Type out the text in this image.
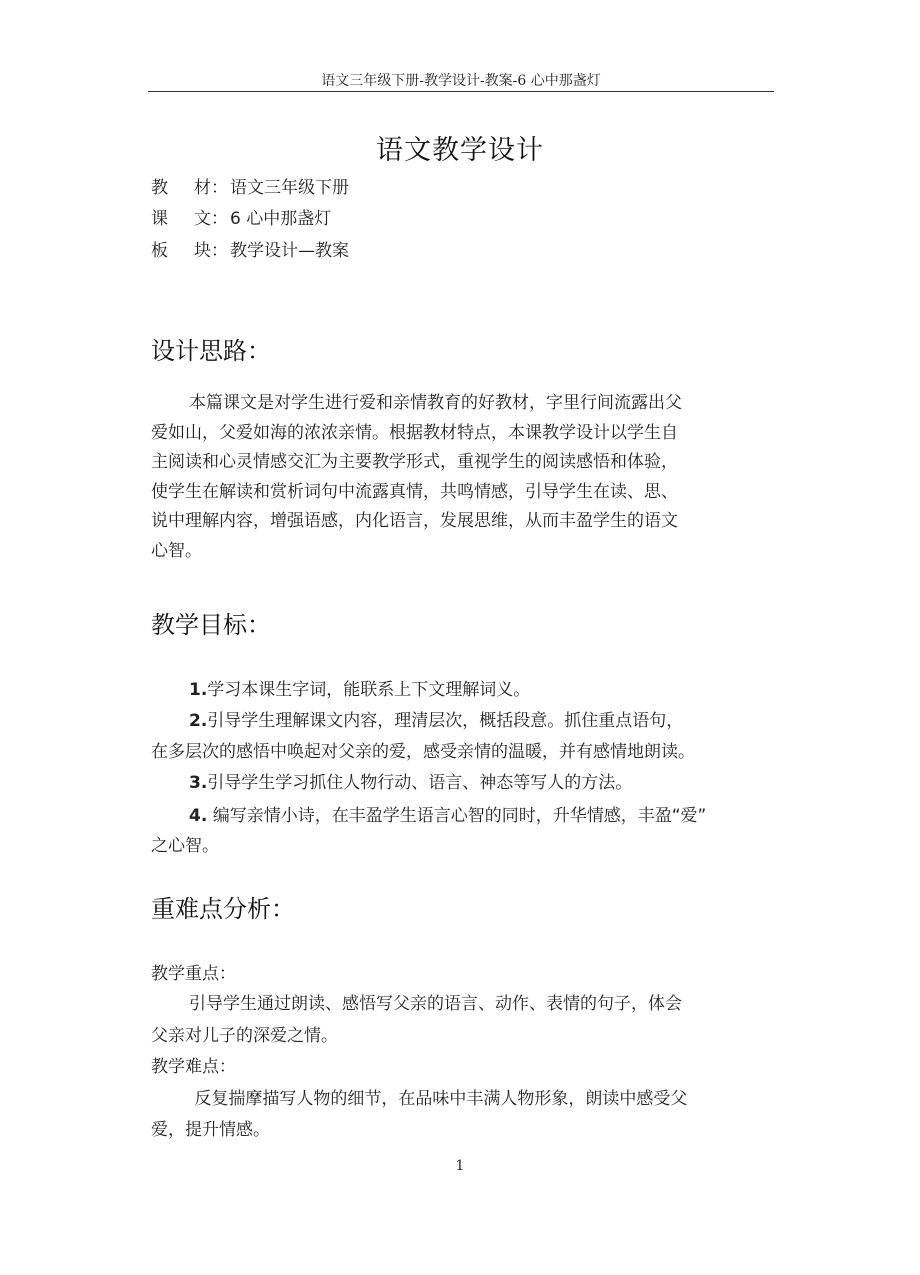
语文三年级下册-教学设计-教案-6 心中那盏灯
语文教学设计
教 材： 语文三年级下册
课 文： 6 心中那盏灯
板 块： 教学设计—教案
设计思路：
本篇课文是对学生进行爱和亲情教育的好教材，字里行间流露出父
爱如山，父爱如海的浓浓亲情。根据教材特点，本课教学设计以学生自
主阅读和心灵情感交汇为主要教学形式，重视学生的阅读感悟和体验，
使学生在解读和赏析词句中流露真情，共鸣情感，引导学生在读、思、
说中理解内容，增强语感，内化语言，发展思维，从而丰盈学生的语文
心智。
教学目标：
1.学习本课生字词，能联系上下文理解词义。
2.引导学生理解课文内容，理清层次，概括段意。抓住重点语句，
在多层次的感悟中唤起对父亲的爱，感受亲情的温暖，并有感情地朗读。
3.引导学生学习抓住人物行动、语言、神态等写人的方法。
4. 编写亲情小诗，在丰盈学生语言心智的同时，升华情感，丰盈“爱”
之心智。
重难点分析：
教学重点：
引导学生通过朗读、感悟写父亲的语言、动作、表情的句子，体会
父亲对儿子的深爱之情。
教学难点：
反复揣摩描写人物的细节，在品味中丰满人物形象，朗读中感受父
爱，提升情感。
1
